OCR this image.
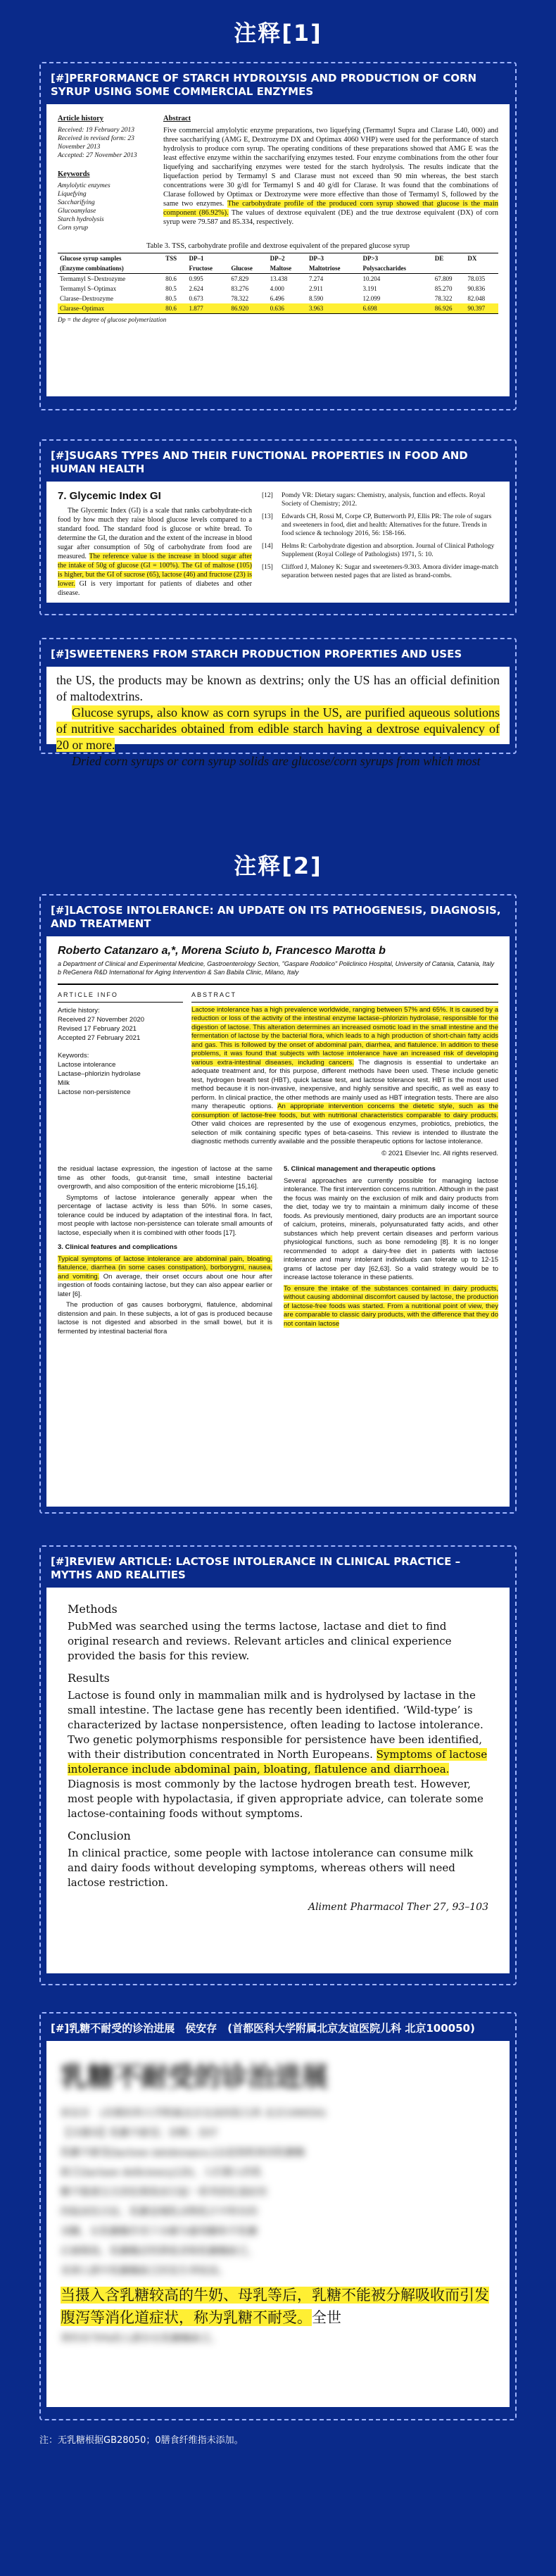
注释[1]
[#]PERFORMANCE OF STARCH HYDROLYSIS AND PRODUCTION OF CORN SYRUP USING SOME COMMERCIAL ENZYMES
Article history
Received: 19 February 2013
Received in revised form: 23 November 2013
Accepted: 27 November 2013
Keywords
Amylolytic enzymes
Liquefying
Saccharifying
Glucoamylase
Starch hydrolysis
Corn syrup
Abstract

Five commercial amylolytic enzyme preparations, two liquefying (Termamyl Supra and Clarase L40, 000) and three saccharifying (AMG E, Dextrozyme DX and Optimax 4060 VHP) were used for the performance of starch hydrolysis to produce corn syrup. The operating conditions of these preparations showed that AMG E was the least effective enzyme within the saccharifying enzymes tested. Four enzyme combinations from the other four liquefying and saccharifying enzymes were tested for the starch hydrolysis. The results indicate that the liquefaction period by Termamyl S and Clarase must not exceed than 90 min whereas, the best starch concentrations were 30 g/dl for Termamyl S and 40 g/dl for Clarase. It was found that the combinations of Clarase followed by Optimax or Dextrozyme were more effective than those of Termamyl S, followed by the same two enzymes. The carbohydrate profile of the produced corn syrup showed that glucose is the main component (86.92%). The values of dextrose equivalent (DE) and the true dextrose equivalent (DX) of corn syrup were 79.587 and 85.334, respectively.

Table 3. TSS, carbohydrate profile and dextrose equivalent of the prepared glucose syrup
Glucose syrup samples	TSS	DP–1		DP–2	DP–3	DP>3	DE	DX
(Enzyme combinations)		Fructose	Glucose	Maltose	Maltotriose	Polysaccharides		
Termamyl S–Dextrozyme	80.6	0.995	67.829	13.438	7.274	10.204	67.809	78.035
Termamyl S–Optimax	80.5	2.624	83.276	4.000	2.911	3.191	85.270	90.836
Clarase–Dextrozyme	80.5	0.673	78.322	6.496	8.590	12.099	78.322	82.048
Clarase–Optimax	80.6	1.877	86.920	0.636	3.963	6.698	86.926	90.397
Dp = the degree of glucose polymerization
[#]SUGARS TYPES AND THEIR FUNCTIONAL PROPERTIES IN FOOD AND HUMAN HEALTH
7. Glycemic Index GI

The Glycemic Index (GI) is a scale that ranks carbohydrate-rich food by how much they raise blood glucose levels compared to a standard food. The standard food is glucose or white bread. To determine the GI, the duration and the extent of the increase in blood sugar after consumption of 50g of carbohydrate from food are measured. The reference value is the increase in blood sugar after the intake of 50g of glucose (GI = 100%). The GI of maltose (105) is higher, but the GI of sucrose (65), lactose (46) and fructose (23) is lower. GI is very important for patients of diabetes and other disease.

[12]	Pomdy VR: Dietary sugars: Chemistry, analysis, function and effects. Royal Society of Chemistry; 2012.
[13]	Edwards CH, Rossi M, Corpe CP, Butterworth PJ, Ellis PR: The role of sugars and sweeteners in food, diet and health: Alternatives for the future. Trends in food science & technology 2016, 56: 158-166.
[14]	Helms R: Carbohydrate digestion and absorption. Journal of Clinical Pathology Supplement (Royal College of Pathologists) 1971, 5: 10.
[15]	Clifford J, Maloney K: Sugar and sweeteners-9.303. Amora divider image-match separation between nested pages that are listed as brand-combs.
[#]SWEETENERS FROM STARCH PRODUCTION PROPERTIES AND USES

the US, the products may be known as dextrins; only the US has an official definition of maltodextrins.

Glucose syrups, also know as corn syrups in the US, are purified aqueous solutions of nutritive saccharides obtained from edible starch having a dextrose equivalency of 20 or more.

Dried corn syrups or corn syrup solids are glucose/corn syrups from which most

注释[2]
[#]LACTOSE INTOLERANCE: AN UPDATE ON ITS PATHOGENESIS, DIAGNOSIS, AND TREATMENT
Roberto Catanzaro a,*, Morena Sciuto b, Francesco Marotta b
a Department of Clinical and Experimental Medicine, Gastroenterology Section, "Gaspare Rodolico" Policlinico Hospital, University of Catania, Catania, Italy
b ReGenera R&D International for Aging Intervention & San Babila Clinic, Milano, Italy
ARTICLE INFO
Article history:
Received 27 November 2020
Revised 17 February 2021
Accepted 27 February 2021
Keywords:
Lactose intolerance
Lactase–phlorizin hydrolase
Milk
Lactose non-persistence
ABSTRACT
Lactose intolerance has a high prevalence worldwide, ranging between 57% and 65%. It is caused by a reduction or loss of the activity of the intestinal enzyme lactase–phlorizin hydrolase, responsible for the digestion of lactose. This alteration determines an increased osmotic load in the small intestine and the fermentation of lactose by the bacterial flora, which leads to a high production of short-chain fatty acids and gas. This is followed by the onset of abdominal pain, diarrhea, and flatulence. In addition to these problems, it was found that subjects with lactose intolerance have an increased risk of developing various extra-intestinal diseases, including cancers. The diagnosis is essential to undertake an adequate treatment and, for this purpose, different methods have been used. These include genetic test, hydrogen breath test (HBT), quick lactase test, and lactose tolerance test. HBT is the most used method because it is non-invasive, inexpensive, and highly sensitive and specific, as well as easy to perform. In clinical practice, the other methods are mainly used as HBT integration tests. There are also many therapeutic options. An appropriate intervention concerns the dietetic style, such as the consumption of lactose-free foods, but with nutritional characteristics comparable to dairy products. Other valid choices are represented by the use of exogenous enzymes, probiotics, prebiotics, the selection of milk containing specific types of beta-caseins. This review is intended to illustrate the diagnostic methods currently available and the possible therapeutic options for lactose intolerance.
© 2021 Elsevier Inc. All rights reserved.
the residual lactase expression, the ingestion of lactose at the same time as other foods, gut-transit time, small intestine bacterial overgrowth, and also composition of the enteric microbiome [15,16].
Symptoms of lactose intolerance generally appear when the percentage of lactase activity is less than 50%. In some cases, tolerance could be induced by adaptation of the intestinal flora. In fact, most people with lactose non-persistence can tolerate small amounts of lactose, especially when it is combined with other foods [17].
3. Clinical features and complications
Typical symptoms of lactose intolerance are abdominal pain, bloating, flatulence, diarrhea (in some cases constipation), borborygmi, nausea, and vomiting. On average, their onset occurs about one hour after ingestion of foods containing lactose, but they can also appear earlier or later [6].
The production of gas causes borborygmi, flatulence, abdominal distension and pain. In these subjects, a lot of gas is produced because lactose is not digested and absorbed in the small bowel, but it is fermented by intestinal bacterial flora
5. Clinical management and therapeutic options
Several approaches are currently possible for managing lactose intolerance. The first intervention concerns nutrition. Although in the past the focus was mainly on the exclusion of milk and dairy products from the diet, today we try to maintain a minimum daily income of these foods. As previously mentioned, dairy products are an important source of calcium, proteins, minerals, polyunsaturated fatty acids, and other substances which help prevent certain diseases and perform various physiological functions, such as bone remodeling [8]. It is no longer recommended to adopt a dairy-free diet in patients with lactose intolerance and many intolerant individuals can tolerate up to 12-15 grams of lactose per day [62,63]. So a valid strategy would be to increase lactose tolerance in these patients.
To ensure the intake of the substances contained in dairy products, without causing abdominal discomfort caused by lactose, the production of lactose-free foods was started. From a nutritional point of view, they are comparable to classic dairy products, with the difference that they do not contain lactose
[#]REVIEW ARTICLE: LACTOSE INTOLERANCE IN CLINICAL PRACTICE – MYTHS AND REALITIES
Methods

PubMed was searched using the terms lactose, lactase and diet to find original research and reviews. Relevant articles and clinical experience provided the basis for this review.

Results

Lactose is found only in mammalian milk and is hydrolysed by lactase in the small intestine. The lactase gene has recently been identified. ‘Wild-type’ is characterized by lactase nonpersistence, often leading to lactose intolerance. Two genetic polymorphisms responsible for persistence have been identified, with their distribution concentrated in North Europeans. Symptoms of lactose intolerance include abdominal pain, bloating, flatulence and diarrhoea. Diagnosis is most commonly by the lactose hydrogen breath test. However, most people with hypolactasia, if given appropriate advice, can tolerate some lactose-containing foods without symptoms.

Conclusion

In clinical practice, some people with lactose intolerance can consume milk and dairy foods without developing symptoms, whereas others will need lactose restriction.

Aliment Pharmacol Ther 27, 93–103
[#]乳糖不耐受的诊治进展　侯安存　(首都医科大学附属北京友谊医院儿科 北京100050)
乳糖不耐受的诊治进展
侯安存　(首都医科大学附属北京友谊医院儿科 北京100050)
【关键词】乳糖不耐受；诊断；治疗
乳糖不耐受(lactose intolerance,LI)是指机体因乳糖酶
缺乏(lactase deficiency,LD)，人们摄入的乳
糖不能被完全消化吸收而引起一系列消化道症状
的临床综合征。乳糖是哺乳动物乳汁中特有的
双糖，在乳糖酶作用下水解为葡萄糖和半乳糖
后被吸收。乳糖酶活性降低者称乳糖酶缺乏，
亚洲人群中乳糖酶缺乏的发生率较高。
当摄入含乳糖较高的牛奶、母乳等后，乳糖不能被分解吸收而引发腹泻等消化道症状，称为乳糖不耐受。全世
界约有70%的人群存在乳糖酶缺乏。
注：无乳糖根据GB28050；0膳食纤维指未添加。
